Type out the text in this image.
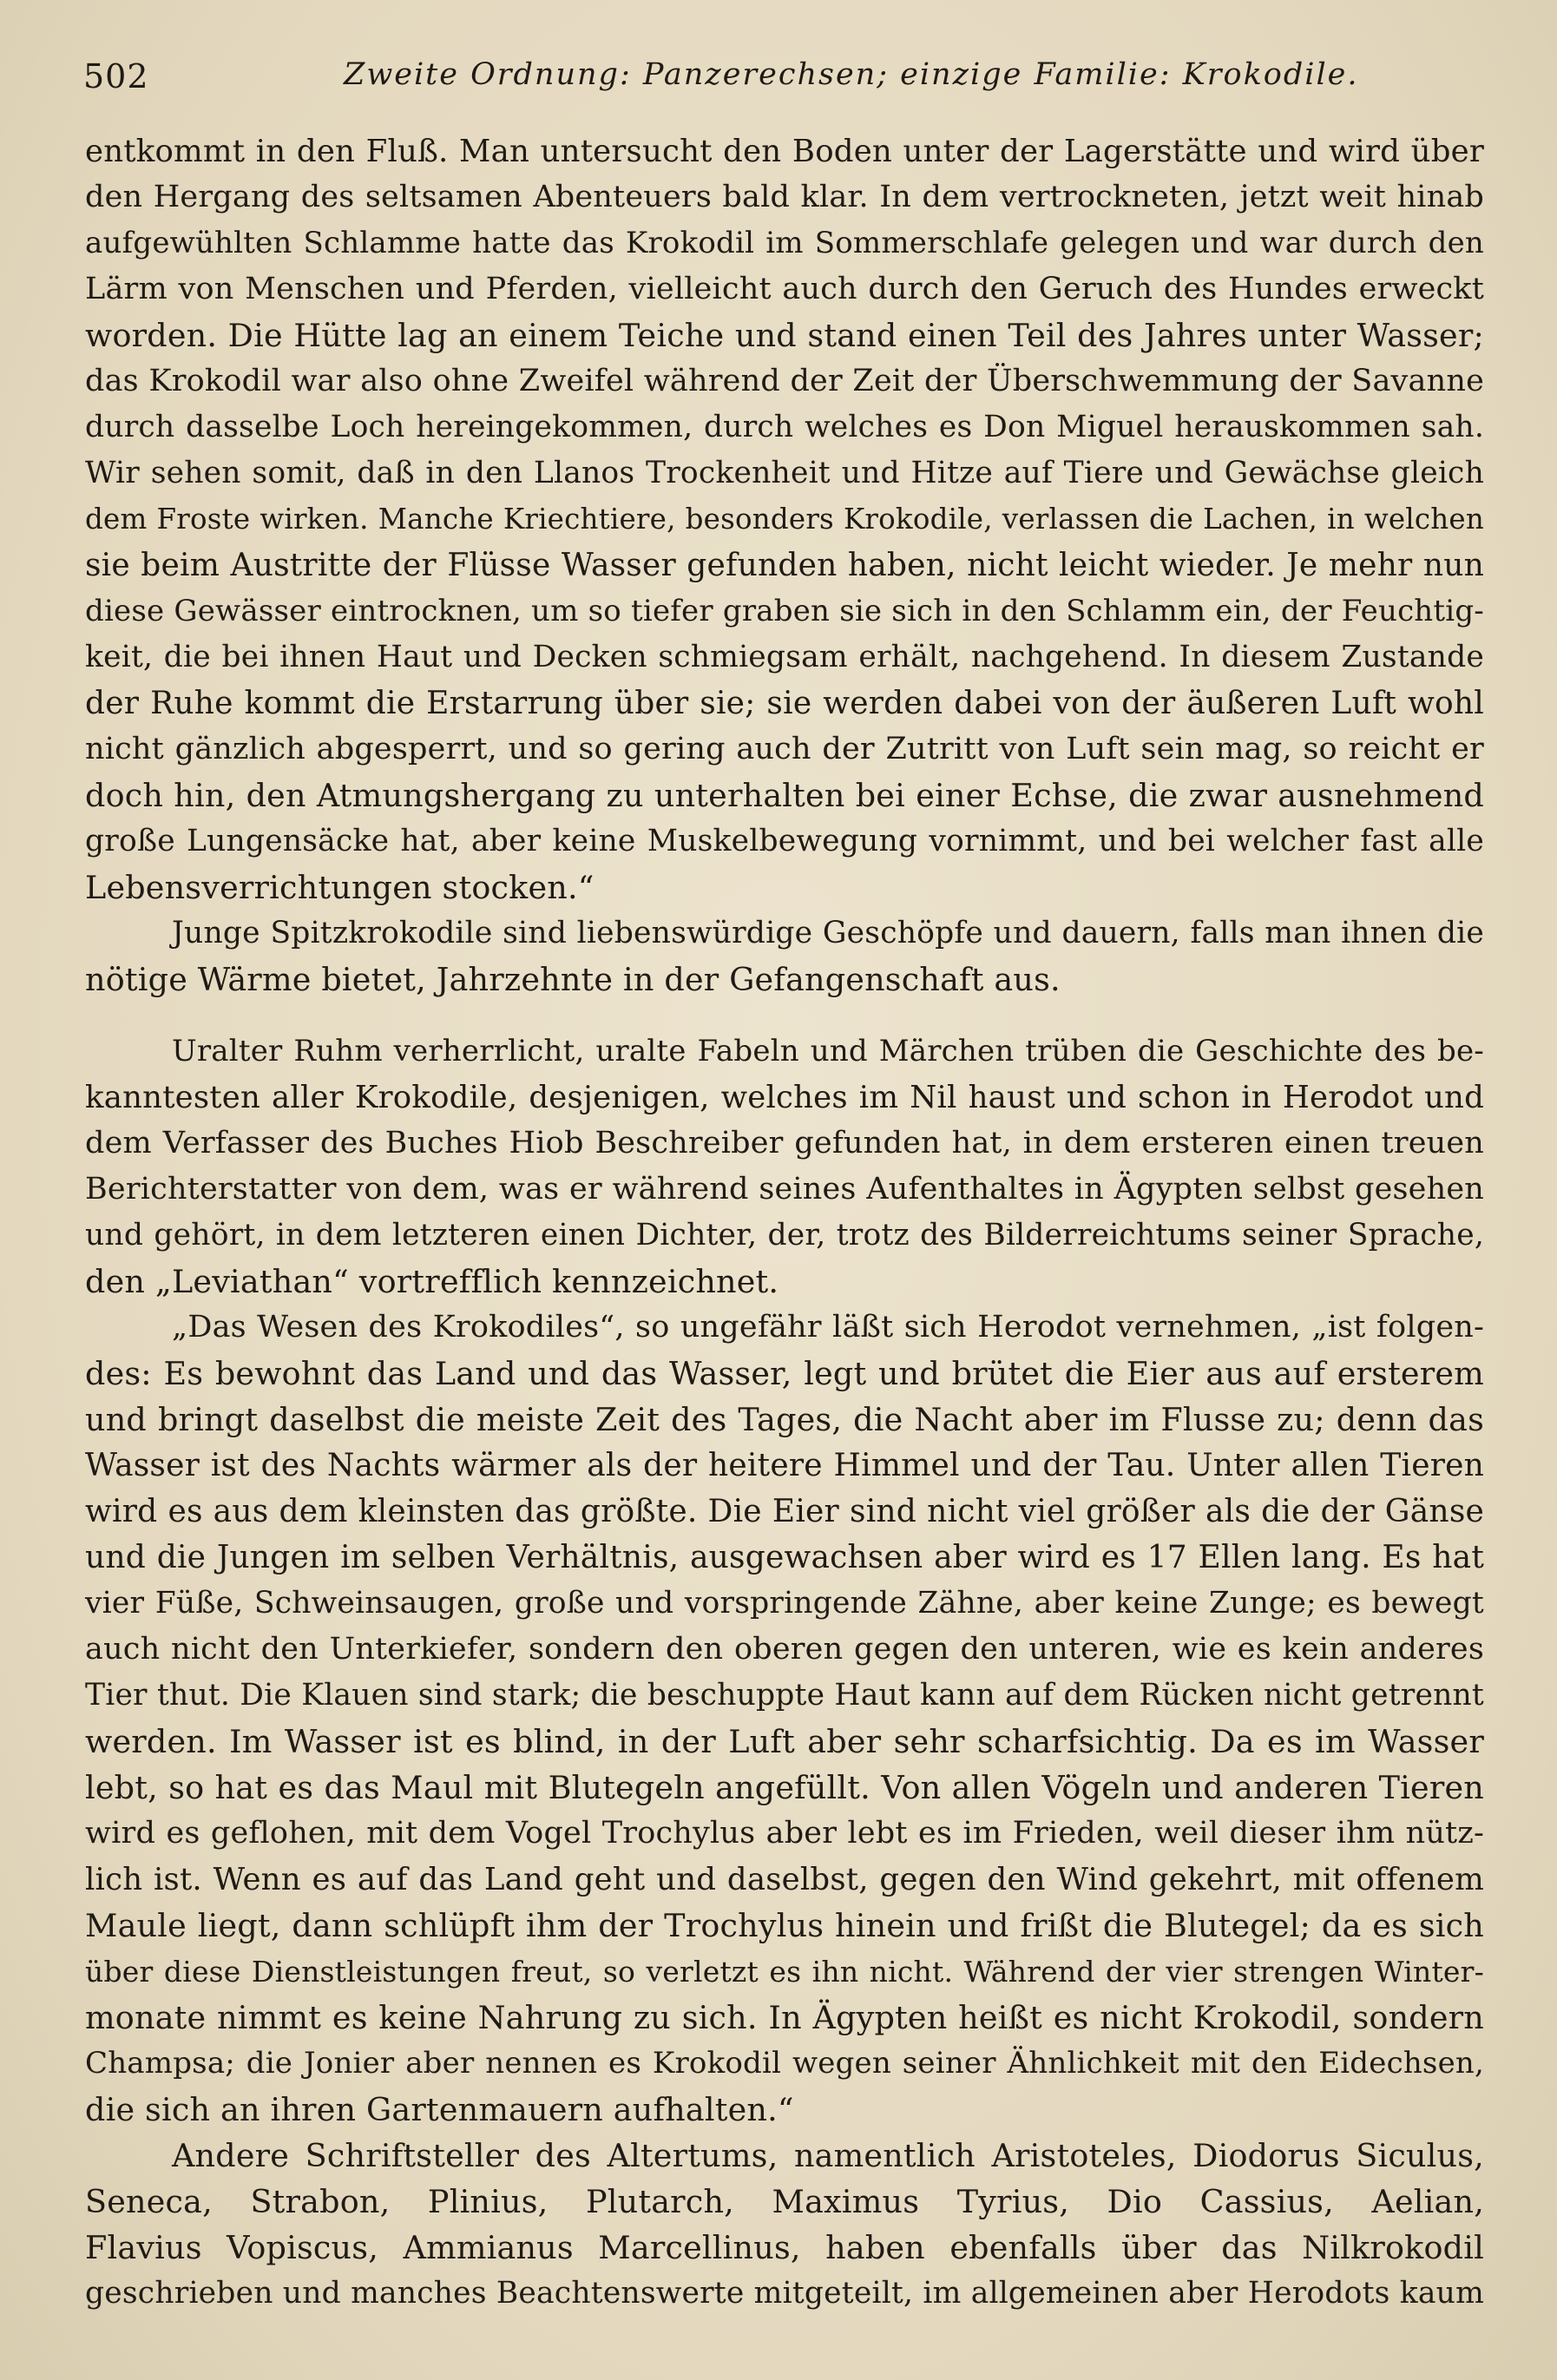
502	Zweite Ordnung: Panzerechsen; einzige Familie: Krokodile.
entkommt in den Fluß. Man untersucht den Boden unter der Lagerstätte und wird über
den Hergang des seltsamen Abenteuers bald klar. In dem vertrockneten, jetzt weit hinab
aufgewühlten Schlamme hatte das Krokodil im Sommerschlafe gelegen und war durch den
Lärm von Menschen und Pferden, vielleicht auch durch den Geruch des Hundes erweckt
worden. Die Hütte lag an einem Teiche und stand einen Teil des Jahres unter Wasser;
das Krokodil war also ohne Zweifel während der Zeit der Überschwemmung der Savanne
durch dasselbe Loch hereingekommen, durch welches es Don Miguel herauskommen sah.
Wir sehen somit, daß in den Llanos Trockenheit und Hitze auf Tiere und Gewächse gleich
dem Froste wirken. Manche Kriechtiere, besonders Krokodile, verlassen die Lachen, in welchen
sie beim Austritte der Flüsse Wasser gefunden haben, nicht leicht wieder. Je mehr nun
diese Gewässer eintrocknen, um so tiefer graben sie sich in den Schlamm ein, der Feuchtig-
keit, die bei ihnen Haut und Decken schmiegsam erhält, nachgehend. In diesem Zustande
der Ruhe kommt die Erstarrung über sie; sie werden dabei von der äußeren Luft wohl
nicht gänzlich abgesperrt, und so gering auch der Zutritt von Luft sein mag, so reicht er
doch hin, den Atmungshergang zu unterhalten bei einer Echse, die zwar ausnehmend
große Lungensäcke hat, aber keine Muskelbewegung vornimmt, und bei welcher fast alle
Lebensverrichtungen stocken.“
Junge Spitzkrokodile sind liebenswürdige Geschöpfe und dauern, falls man ihnen die
nötige Wärme bietet, Jahrzehnte in der Gefangenschaft aus.
Uralter Ruhm verherrlicht, uralte Fabeln und Märchen trüben die Geschichte des be-
kanntesten aller Krokodile, desjenigen, welches im Nil haust und schon in Herodot und
dem Verfasser des Buches Hiob Beschreiber gefunden hat, in dem ersteren einen treuen
Berichterstatter von dem, was er während seines Aufenthaltes in Ägypten selbst gesehen
und gehört, in dem letzteren einen Dichter, der, trotz des Bilderreichtums seiner Sprache,
den „Leviathan“ vortrefflich kennzeichnet.
„Das Wesen des Krokodiles“, so ungefähr läßt sich Herodot vernehmen, „ist folgen-
des: Es bewohnt das Land und das Wasser, legt und brütet die Eier aus auf ersterem
und bringt daselbst die meiste Zeit des Tages, die Nacht aber im Flusse zu; denn das
Wasser ist des Nachts wärmer als der heitere Himmel und der Tau. Unter allen Tieren
wird es aus dem kleinsten das größte. Die Eier sind nicht viel größer als die der Gänse
und die Jungen im selben Verhältnis, ausgewachsen aber wird es 17 Ellen lang. Es hat
vier Füße, Schweinsaugen, große und vorspringende Zähne, aber keine Zunge; es bewegt
auch nicht den Unterkiefer, sondern den oberen gegen den unteren, wie es kein anderes
Tier thut. Die Klauen sind stark; die beschuppte Haut kann auf dem Rücken nicht getrennt
werden. Im Wasser ist es blind, in der Luft aber sehr scharfsichtig. Da es im Wasser
lebt, so hat es das Maul mit Blutegeln angefüllt. Von allen Vögeln und anderen Tieren
wird es geflohen, mit dem Vogel Trochylus aber lebt es im Frieden, weil dieser ihm nütz-
lich ist. Wenn es auf das Land geht und daselbst, gegen den Wind gekehrt, mit offenem
Maule liegt, dann schlüpft ihm der Trochylus hinein und frißt die Blutegel; da es sich
über diese Dienstleistungen freut, so verletzt es ihn nicht. Während der vier strengen Winter-
monate nimmt es keine Nahrung zu sich. In Ägypten heißt es nicht Krokodil, sondern
Champsa; die Jonier aber nennen es Krokodil wegen seiner Ähnlichkeit mit den Eidechsen,
die sich an ihren Gartenmauern aufhalten.“
Andere Schriftsteller des Altertums, namentlich Aristoteles, Diodorus Siculus,
Seneca, Strabon, Plinius, Plutarch, Maximus Tyrius, Dio Cassius, Aelian,
Flavius Vopiscus, Ammianus Marcellinus, haben ebenfalls über das Nilkrokodil
geschrieben und manches Beachtenswerte mitgeteilt, im allgemeinen aber Herodots kaum
